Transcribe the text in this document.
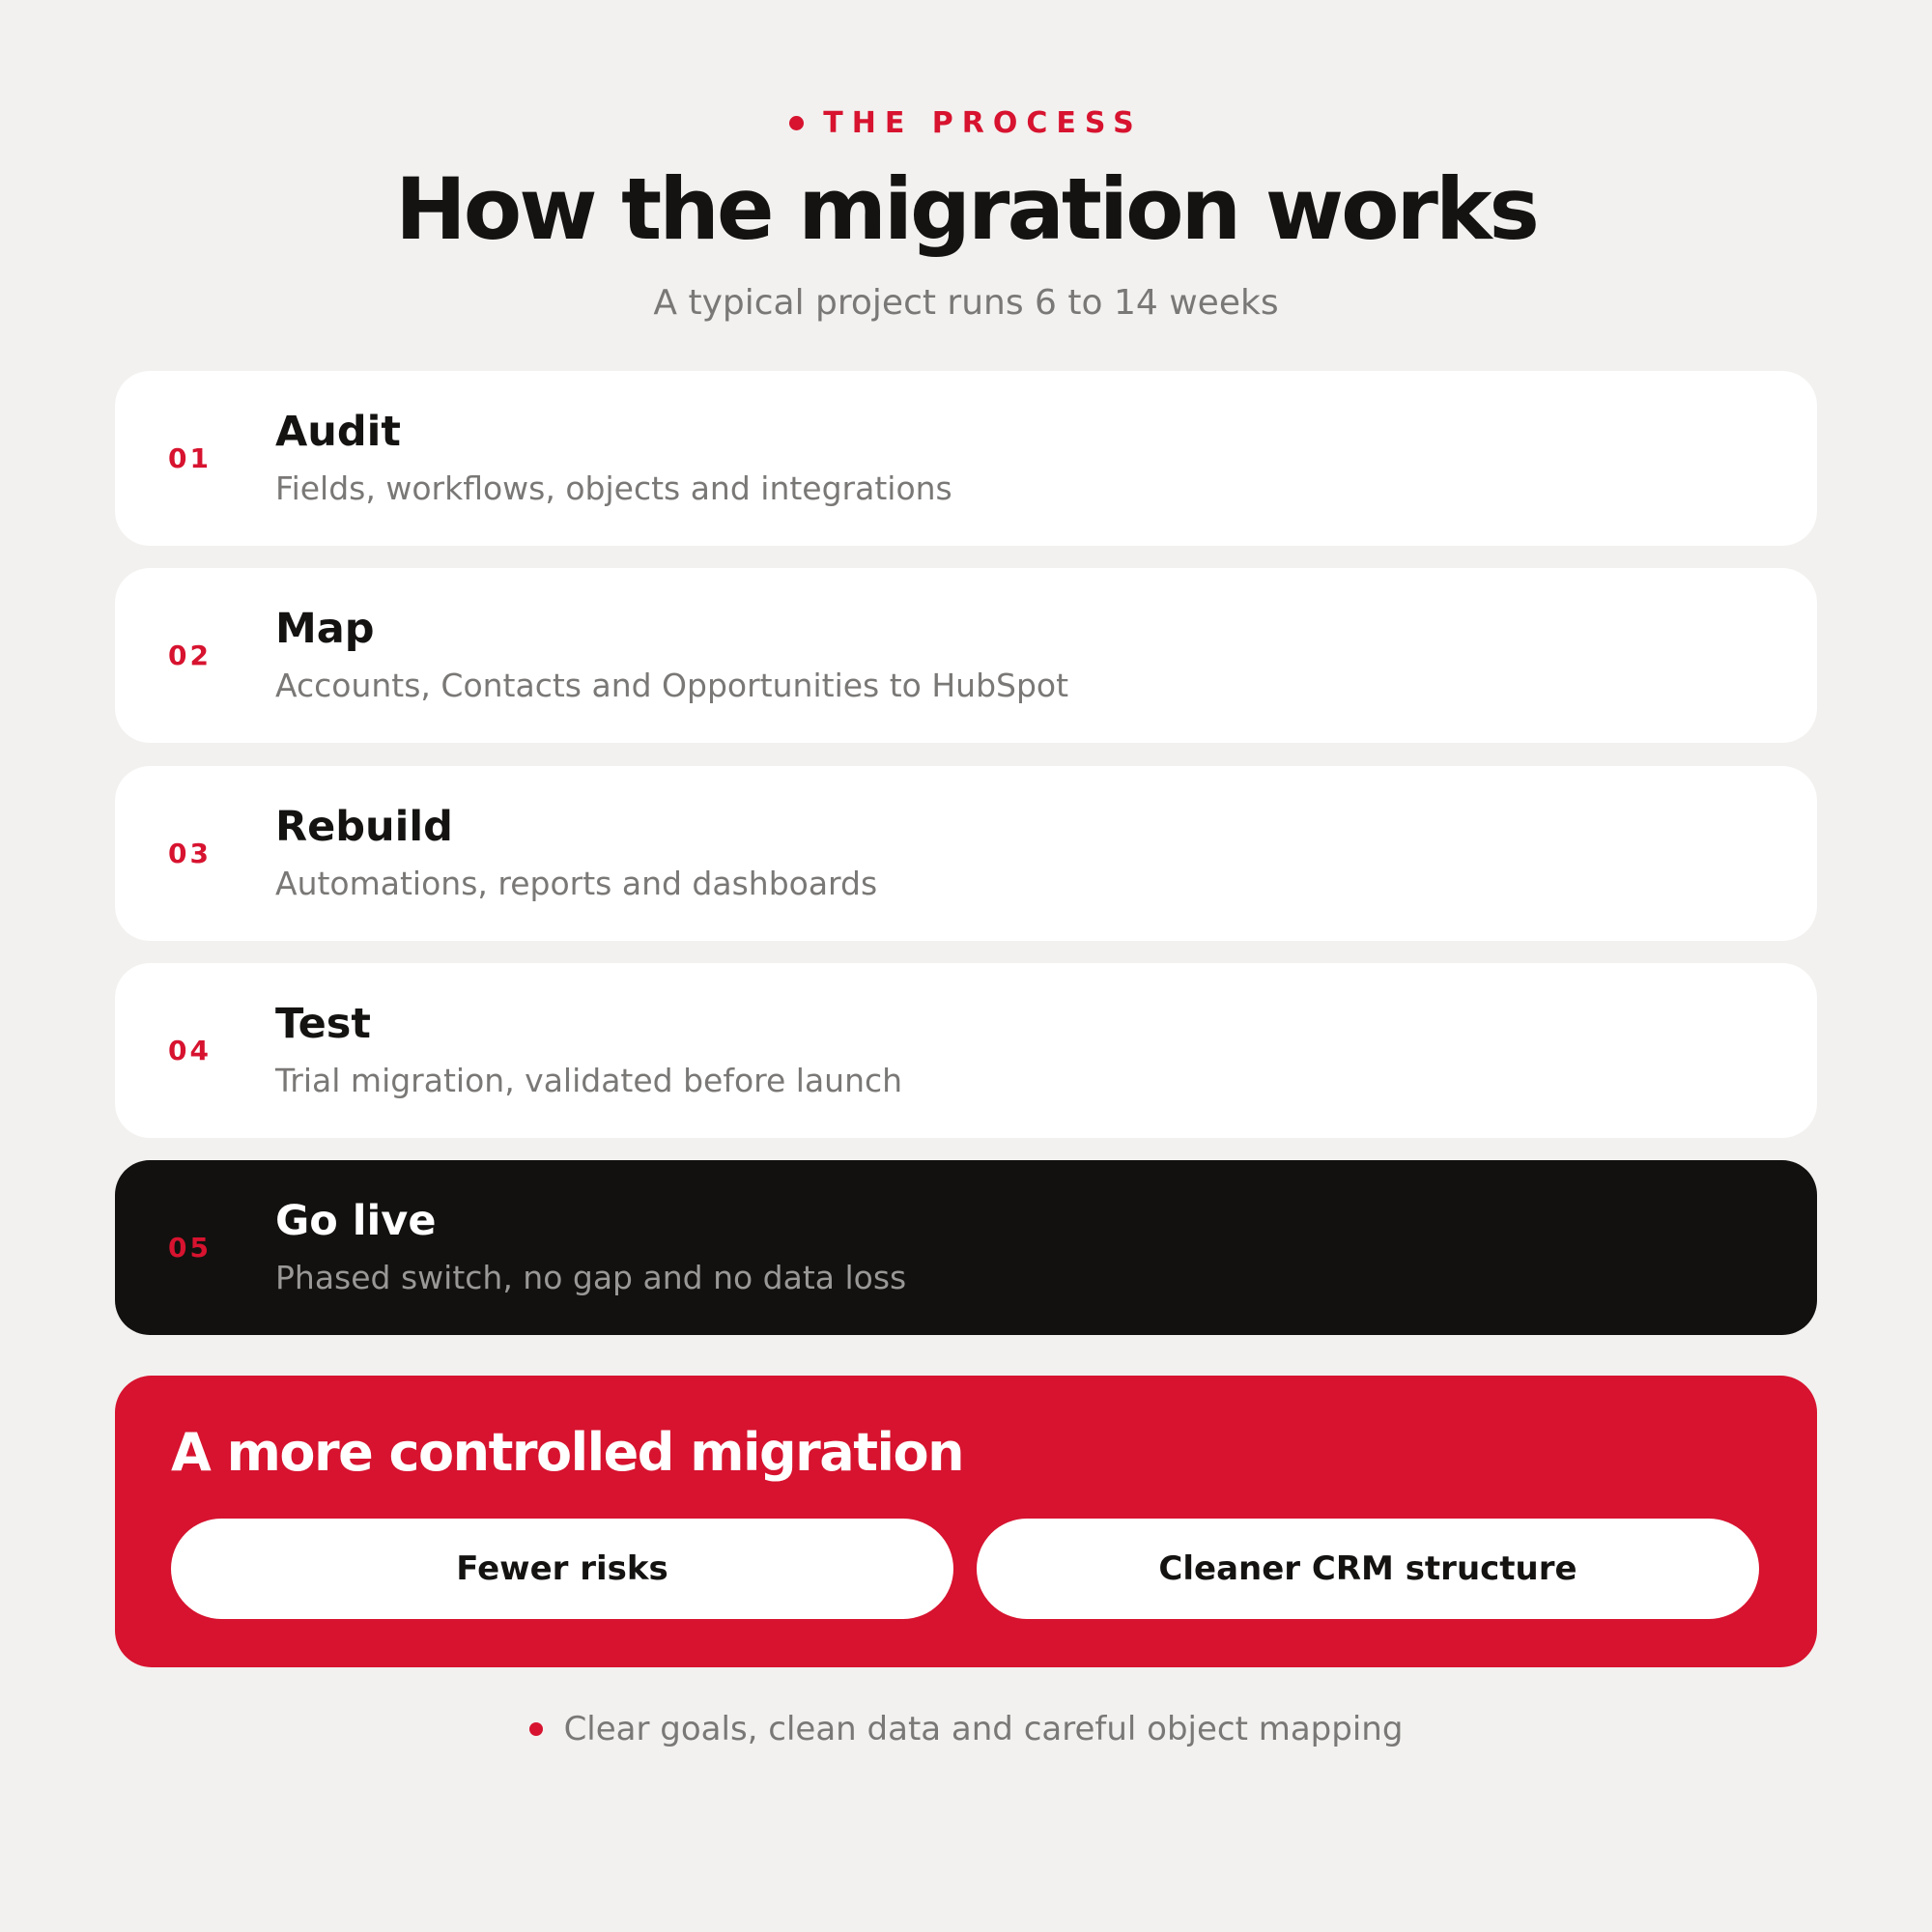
THE PROCESS
How the migration works
A typical project runs 6 to 14 weeks
01
Audit
Fields, workflows, objects and integrations
02
Map
Accounts, Contacts and Opportunities to HubSpot
03
Rebuild
Automations, reports and dashboards
04
Test
Trial migration, validated before launch
05
Go live
Phased switch, no gap and no data loss
A more controlled migration
Fewer risks	Cleaner CRM structure
Clear goals, clean data and careful object mapping
